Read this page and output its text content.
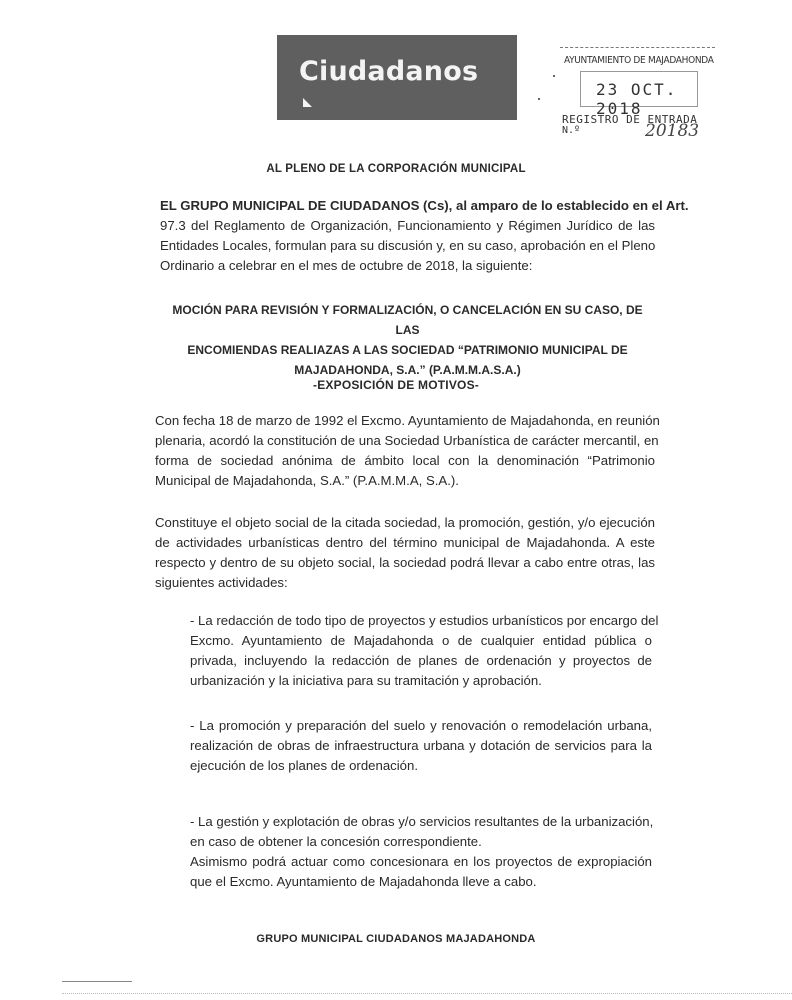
Ciudadanos	AYUNTAMIENTO DE MAJADAHONDA
23 OCT. 2018
REGISTRO DE ENTRADA
N.º	20183
AL PLENO DE LA CORPORACIÓN MUNICIPAL
EL GRUPO MUNICIPAL DE CIUDADANOS (Cs), al amparo de lo establecido en el Art.
97.3 del Reglamento de Organización, Funcionamiento y Régimen Jurídico de las
Entidades Locales, formulan para su discusión y, en su caso, aprobación en el Pleno
Ordinario a celebrar en el mes de octubre de 2018, la siguiente:
MOCIÓN PARA REVISIÓN Y FORMALIZACIÓN, O CANCELACIÓN EN SU CASO, DE LAS
ENCOMIENDAS REALIAZAS A LAS SOCIEDAD “PATRIMONIO MUNICIPAL DE
MAJADAHONDA, S.A.” (P.A.M.M.A.S.A.)
-EXPOSICIÓN DE MOTIVOS-
Con fecha 18 de marzo de 1992 el Excmo. Ayuntamiento de Majadahonda, en reunión
plenaria, acordó la constitución de una Sociedad Urbanística de carácter mercantil, en
forma de sociedad anónima de ámbito local con la denominación “Patrimonio
Municipal de Majadahonda, S.A.” (P.A.M.M.A, S.A.).
Constituye el objeto social de la citada sociedad, la promoción, gestión, y/o ejecución
de actividades urbanísticas dentro del término municipal de Majadahonda. A este
respecto y dentro de su objeto social, la sociedad podrá llevar a cabo entre otras, las
siguientes actividades:
- La redacción de todo tipo de proyectos y estudios urbanísticos por encargo del
Excmo. Ayuntamiento de Majadahonda o de cualquier entidad pública o
privada, incluyendo la redacción de planes de ordenación y proyectos de
urbanización y la iniciativa para su tramitación y aprobación.
- La promoción y preparación del suelo y renovación o remodelación urbana,
realización de obras de infraestructura urbana y dotación de servicios para la
ejecución de los planes de ordenación.
- La gestión y explotación de obras y/o servicios resultantes de la urbanización,
en caso de obtener la concesión correspondiente.
Asimismo podrá actuar como concesionara en los proyectos de expropiación
que el Excmo. Ayuntamiento de Majadahonda lleve a cabo.
GRUPO MUNICIPAL CIUDADANOS MAJADAHONDA
